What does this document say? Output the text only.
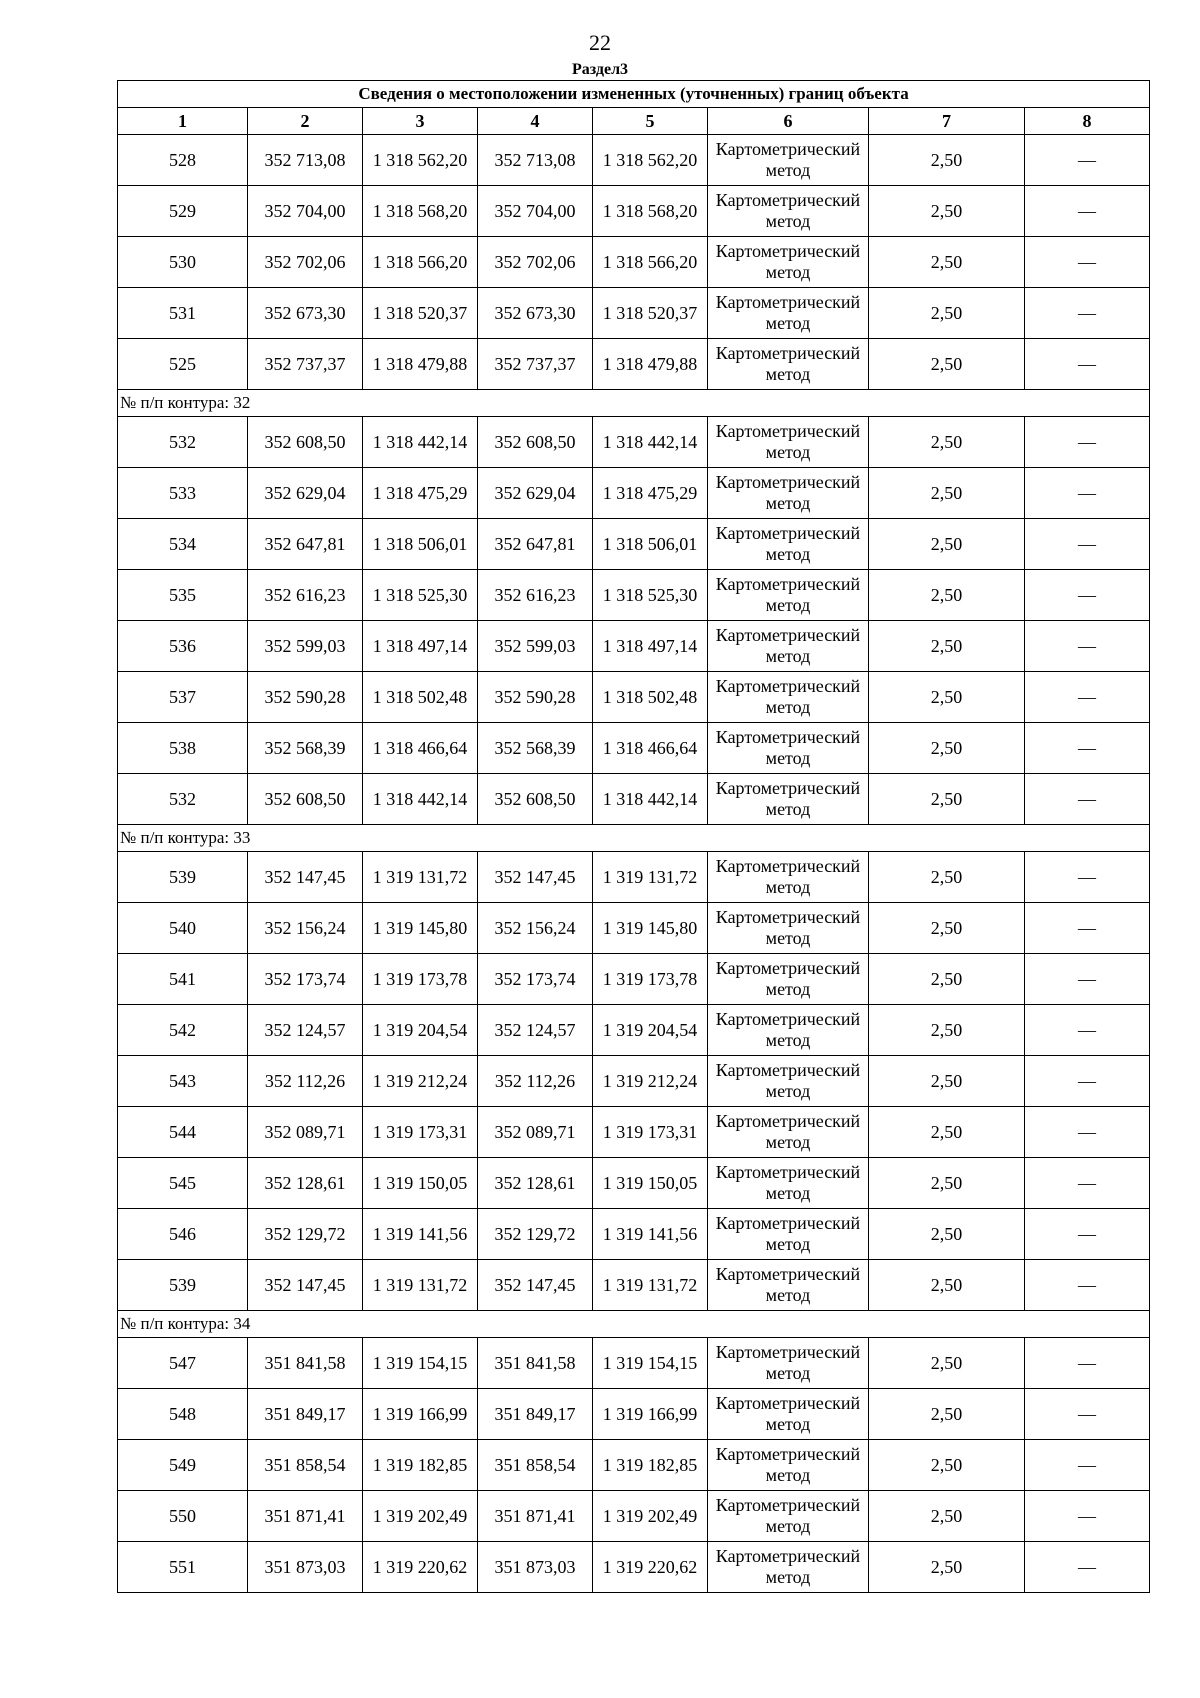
22
Раздел3
Сведения о местоположении измененных (уточненных) границ объекта							
1	2	3	4	5	6	7	8
528	352 713,08	1 318 562,20	352 713,08	1 318 562,20	Картометрический метод	2,50	—
529	352 704,00	1 318 568,20	352 704,00	1 318 568,20	Картометрический метод	2,50	—
530	352 702,06	1 318 566,20	352 702,06	1 318 566,20	Картометрический метод	2,50	—
531	352 673,30	1 318 520,37	352 673,30	1 318 520,37	Картометрический метод	2,50	—
525	352 737,37	1 318 479,88	352 737,37	1 318 479,88	Картометрический метод	2,50	—
№ п/п контура: 32							
532	352 608,50	1 318 442,14	352 608,50	1 318 442,14	Картометрический метод	2,50	—
533	352 629,04	1 318 475,29	352 629,04	1 318 475,29	Картометрический метод	2,50	—
534	352 647,81	1 318 506,01	352 647,81	1 318 506,01	Картометрический метод	2,50	—
535	352 616,23	1 318 525,30	352 616,23	1 318 525,30	Картометрический метод	2,50	—
536	352 599,03	1 318 497,14	352 599,03	1 318 497,14	Картометрический метод	2,50	—
537	352 590,28	1 318 502,48	352 590,28	1 318 502,48	Картометрический метод	2,50	—
538	352 568,39	1 318 466,64	352 568,39	1 318 466,64	Картометрический метод	2,50	—
532	352 608,50	1 318 442,14	352 608,50	1 318 442,14	Картометрический метод	2,50	—
№ п/п контура: 33							
539	352 147,45	1 319 131,72	352 147,45	1 319 131,72	Картометрический метод	2,50	—
540	352 156,24	1 319 145,80	352 156,24	1 319 145,80	Картометрический метод	2,50	—
541	352 173,74	1 319 173,78	352 173,74	1 319 173,78	Картометрический метод	2,50	—
542	352 124,57	1 319 204,54	352 124,57	1 319 204,54	Картометрический метод	2,50	—
543	352 112,26	1 319 212,24	352 112,26	1 319 212,24	Картометрический метод	2,50	—
544	352 089,71	1 319 173,31	352 089,71	1 319 173,31	Картометрический метод	2,50	—
545	352 128,61	1 319 150,05	352 128,61	1 319 150,05	Картометрический метод	2,50	—
546	352 129,72	1 319 141,56	352 129,72	1 319 141,56	Картометрический метод	2,50	—
539	352 147,45	1 319 131,72	352 147,45	1 319 131,72	Картометрический метод	2,50	—
№ п/п контура: 34							
547	351 841,58	1 319 154,15	351 841,58	1 319 154,15	Картометрический метод	2,50	—
548	351 849,17	1 319 166,99	351 849,17	1 319 166,99	Картометрический метод	2,50	—
549	351 858,54	1 319 182,85	351 858,54	1 319 182,85	Картометрический метод	2,50	—
550	351 871,41	1 319 202,49	351 871,41	1 319 202,49	Картометрический метод	2,50	—
551	351 873,03	1 319 220,62	351 873,03	1 319 220,62	Картометрический метод	2,50	—
